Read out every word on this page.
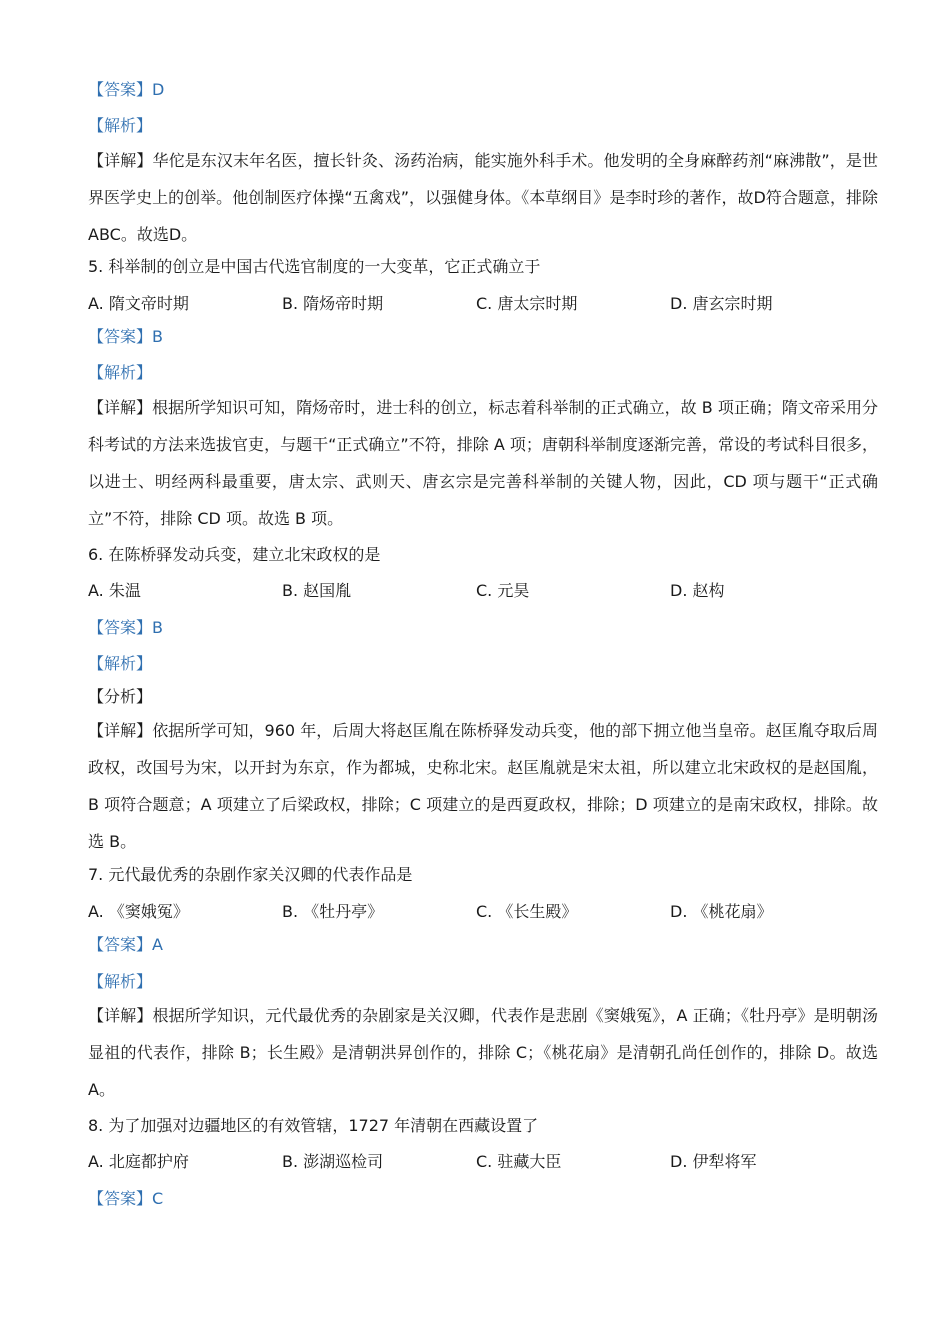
【答案】D
【解析】
【详解】华佗是东汉末年名医，擅长针灸、汤药治病，能实施外科手术。他发明的全身麻醉药剂“麻沸散”，是世界医学史上的创举。他创制医疗体操“五禽戏”，以强健身体。《本草纲目》是李时珍的著作，故D符合题意，排除ABC。故选D。
5. 科举制的创立是中国古代选官制度的一大变革，它正式确立于
A. 隋文帝时期	B. 隋炀帝时期	C. 唐太宗时期	D. 唐玄宗时期
【答案】B
【解析】
【详解】根据所学知识可知，隋炀帝时，进士科的创立，标志着科举制的正式确立，故 B 项正确；隋文帝采用分科考试的方法来选拔官吏，与题干“正式确立”不符，排除 A 项；唐朝科举制度逐渐完善，常设的考试科目很多，以进士、明经两科最重要，唐太宗、武则天、唐玄宗是完善科举制的关键人物，因此，CD 项与题干“正式确立”不符，排除 CD 项。故选 B 项。
6. 在陈桥驿发动兵变，建立北宋政权的是
A. 朱温	B. 赵国胤	C. 元昊	D. 赵构
【答案】B
【解析】
【分析】
【详解】依据所学可知，960 年，后周大将赵匡胤在陈桥驿发动兵变，他的部下拥立他当皇帝。赵匡胤夺取后周政权，改国号为宋，以开封为东京，作为都城，史称北宋。赵匡胤就是宋太祖，所以建立北宋政权的是赵国胤，B 项符合题意；A 项建立了后梁政权，排除；C 项建立的是西夏政权，排除；D 项建立的是南宋政权，排除。故选 B。
7. 元代最优秀的杂剧作家关汉卿的代表作品是
A. 《窦娥冤》	B. 《牡丹亭》	C. 《长生殿》	D. 《桃花扇》
【答案】A
【解析】
【详解】根据所学知识，元代最优秀的杂剧家是关汉卿，代表作是悲剧《窦娥冤》，A 正确；《牡丹亭》是明朝汤显祖的代表作，排除 B；长生殿》是清朝洪昇创作的，排除 C；《桃花扇》是清朝孔尚任创作的，排除 D。故选 A。
8. 为了加强对边疆地区的有效管辖，1727 年清朝在西藏设置了
A. 北庭都护府	B. 澎湖巡检司	C. 驻藏大臣	D. 伊犁将军
【答案】C
